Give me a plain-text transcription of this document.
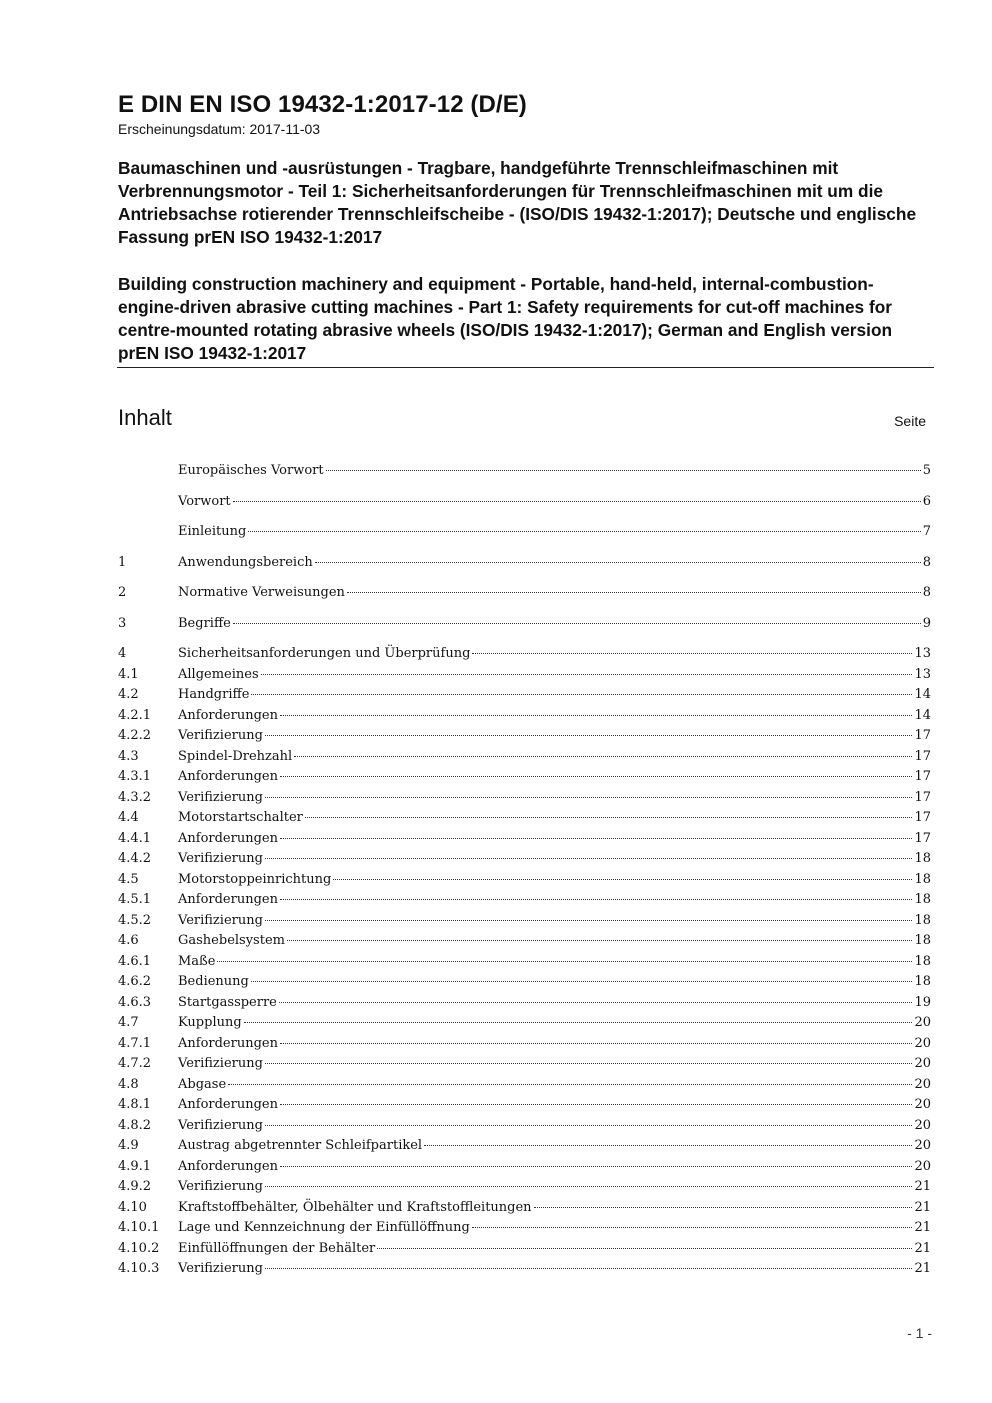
E DIN EN ISO 19432-1:2017-12 (D/E)
Erscheinungsdatum: 2017-11-03
Baumaschinen und -ausrüstungen - Tragbare, handgeführte Trennschleifmaschinen mit Verbrennungsmotor - Teil 1: Sicherheitsanforderungen für Trennschleifmaschinen mit um die Antriebsachse rotierender Trennschleifscheibe - (ISO/DIS 19432-1:2017); Deutsche und englische Fassung prEN ISO 19432-1:2017
Building construction machinery and equipment - Portable, hand-held, internal-combustion-engine-driven abrasive cutting machines - Part 1: Safety requirements for cut-off machines for centre-mounted rotating abrasive wheels (ISO/DIS 19432-1:2017); German and English version prEN ISO 19432-1:2017
Inhalt	Seite
Europäisches Vorwort	5
Vorwort	6
Einleitung	7
1	Anwendungsbereich	8
2	Normative Verweisungen	8
3	Begriffe	9
4	Sicherheitsanforderungen und Überprüfung	13
4.1	Allgemeines	13
4.2	Handgriffe	14
4.2.1	Anforderungen	14
4.2.2	Verifizierung	17
4.3	Spindel-Drehzahl	17
4.3.1	Anforderungen	17
4.3.2	Verifizierung	17
4.4	Motorstartschalter	17
4.4.1	Anforderungen	17
4.4.2	Verifizierung	18
4.5	Motorstoppeinrichtung	18
4.5.1	Anforderungen	18
4.5.2	Verifizierung	18
4.6	Gashebelsystem	18
4.6.1	Maße	18
4.6.2	Bedienung	18
4.6.3	Startgassperre	19
4.7	Kupplung	20
4.7.1	Anforderungen	20
4.7.2	Verifizierung	20
4.8	Abgase	20
4.8.1	Anforderungen	20
4.8.2	Verifizierung	20
4.9	Austrag abgetrennter Schleifpartikel	20
4.9.1	Anforderungen	20
4.9.2	Verifizierung	21
4.10	Kraftstoffbehälter, Ölbehälter und Kraftstoffleitungen	21
4.10.1	Lage und Kennzeichnung der Einfüllöffnung	21
4.10.2	Einfüllöffnungen der Behälter	21
4.10.3	Verifizierung	21
- 1 -
